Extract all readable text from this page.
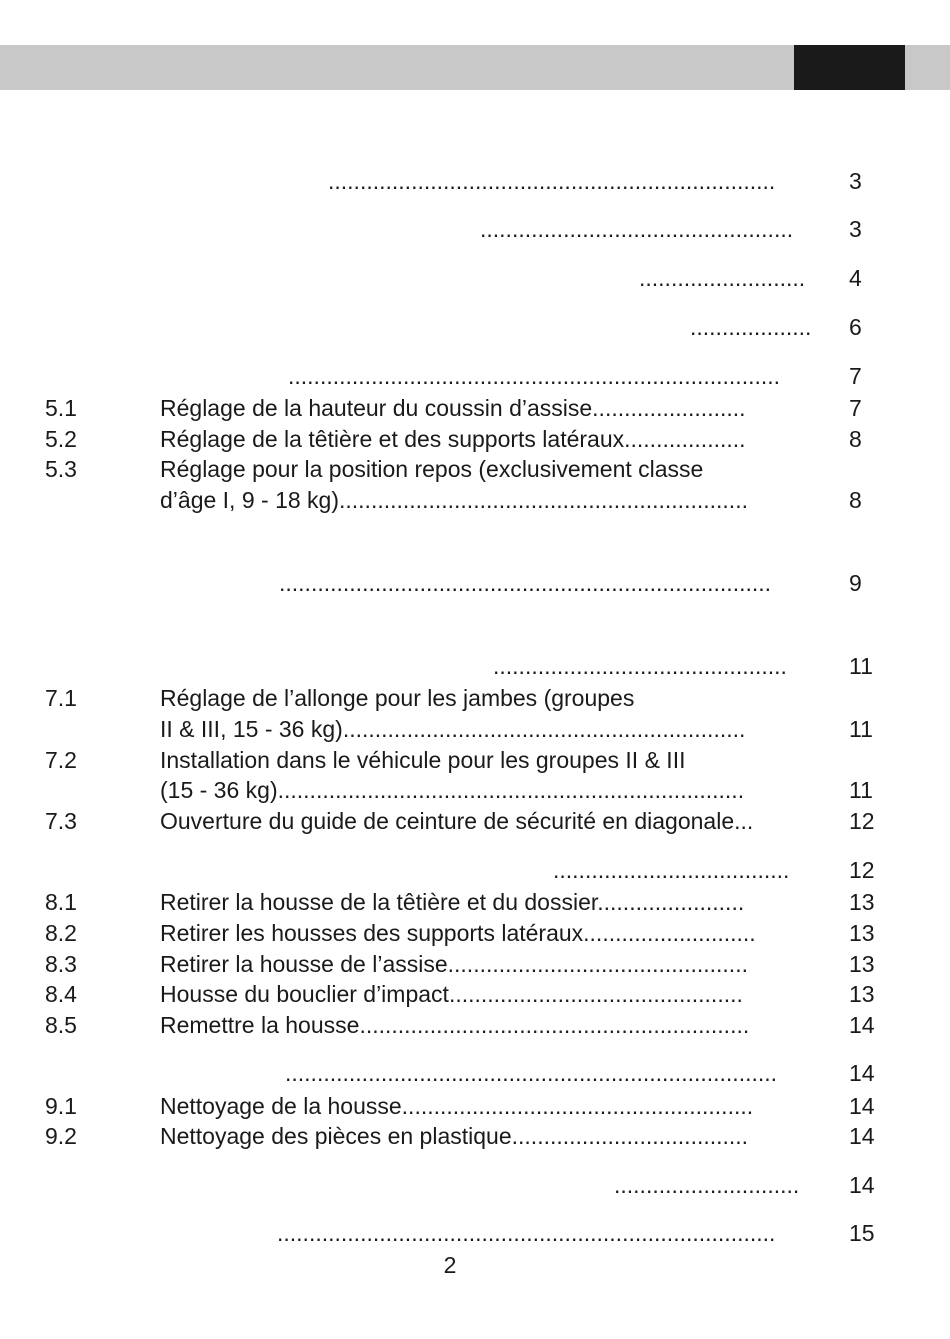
......................................................................	3
................................................. 3
.......................... 4
................... 6
.............................................................................	7
5.1	Réglage de la hauteur du coussin d’assise........................	7
5.2	Réglage de la têtière et des supports latéraux...................	8
5.3	Réglage pour la position repos (exclusivement classe
d’âge I, 9 - 18 kg)................................................................	8
.............................................................................	9
..............................................	11
7.1	Réglage de l’allonge pour les jambes (groupes
II & III, 15 - 36 kg)...............................................................	11
7.2	Installation dans le véhicule pour les groupes II & III
(15 - 36 kg).........................................................................	11
7.3	Ouverture du guide de ceinture de sécurité en diagonale...	12
.....................................	12
8.1	Retirer la housse de la têtière et du dossier.......................	13
8.2	Retirer les housses des supports latéraux...........................	13
8.3	Retirer la housse de l’assise...............................................	13
8.4	Housse du bouclier d’impact..............................................	13
8.5	Remettre la housse.............................................................	14
.............................................................................	14
9.1	Nettoyage de la housse.......................................................	14
9.2	Nettoyage des pièces en plastique.....................................	14
............................. 14
..............................................................................	15
2
